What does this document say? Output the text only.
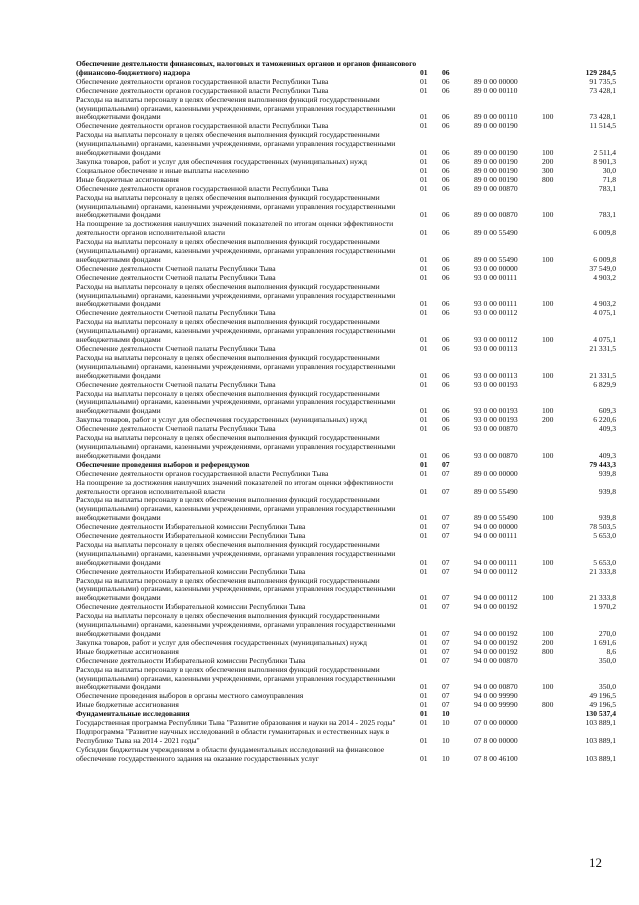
Обеспечение деятельности финансовых, налоговых и таможенных органов и органов финансового (финансово-бюджетного) надзора	01	06			129 284,5
Обеспечение деятельности органов государственной власти Республики Тыва	01	06	89 0 00 00000		91 735,5
Обеспечение деятельности органов государственной власти Республики Тыва	01	06	89 0 00 00110		73 428,1
Расходы на выплаты персоналу в целях обеспечения выполнения функций государственными (муниципальными) органами, казенными учреждениями, органами управления государственными внебюджетными фондами	01	06	89 0 00 00110	100	73 428,1
Обеспечение деятельности органов государственной власти Республики Тыва	01	06	89 0 00 00190		11 514,5
Расходы на выплаты персоналу в целях обеспечения выполнения функций государственными (муниципальными) органами, казенными учреждениями, органами управления государственными внебюджетными фондами	01	06	89 0 00 00190	100	2 511,4
Закупка товаров, работ и услуг для обеспечения государственных (муниципальных) нужд	01	06	89 0 00 00190	200	8 901,3
Социальное обеспечение и иные выплаты населению	01	06	89 0 00 00190	300	30,0
Иные бюджетные ассигнования	01	06	89 0 00 00190	800	71,8
Обеспечение деятельности органов государственной власти Республики Тыва	01	06	89 0 00 00870		783,1
Расходы на выплаты персоналу в целях обеспечения выполнения функций государственными (муниципальными) органами, казенными учреждениями, органами управления государственными внебюджетными фондами	01	06	89 0 00 00870	100	783,1
На поощрение за достижения наилучших значений показателей по итогам оценки эффективности деятельности органов исполнительной власти	01	06	89 0 00 55490		6 009,8
Расходы на выплаты персоналу в целях обеспечения выполнения функций государственными (муниципальными) органами, казенными учреждениями, органами управления государственными внебюджетными фондами	01	06	89 0 00 55490	100	6 009,8
Обеспечение деятельности Счетной палаты Республики Тыва	01	06	93 0 00 00000		37 549,0
Обеспечение деятельности Счетной палаты Республики Тыва	01	06	93 0 00 00111		4 903,2
Расходы на выплаты персоналу в целях обеспечения выполнения функций государственными (муниципальными) органами, казенными учреждениями, органами управления государственными внебюджетными фондами	01	06	93 0 00 00111	100	4 903,2
Обеспечение деятельности Счетной палаты Республики Тыва	01	06	93 0 00 00112		4 075,1
Расходы на выплаты персоналу в целях обеспечения выполнения функций государственными (муниципальными) органами, казенными учреждениями, органами управления государственными внебюджетными фондами	01	06	93 0 00 00112	100	4 075,1
Обеспечение деятельности Счетной палаты Республики Тыва	01	06	93 0 00 00113		21 331,5
Расходы на выплаты персоналу в целях обеспечения выполнения функций государственными (муниципальными) органами, казенными учреждениями, органами управления государственными внебюджетными фондами	01	06	93 0 00 00113	100	21 331,5
Обеспечение деятельности Счетной палаты Республики Тыва	01	06	93 0 00 00193		6 829,9
Расходы на выплаты персоналу в целях обеспечения выполнения функций государственными (муниципальными) органами, казенными учреждениями, органами управления государственными внебюджетными фондами	01	06	93 0 00 00193	100	609,3
Закупка товаров, работ и услуг для обеспечения государственных (муниципальных) нужд	01	06	93 0 00 00193	200	6 220,6
Обеспечение деятельности Счетной палаты Республики Тыва	01	06	93 0 00 00870		409,3
Расходы на выплаты персоналу в целях обеспечения выполнения функций государственными (муниципальными) органами, казенными учреждениями, органами управления государственными внебюджетными фондами	01	06	93 0 00 00870	100	409,3
Обеспечение проведения выборов и референдумов	01	07			79 443,3
Обеспечение деятельности органов государственной власти Республики Тыва	01	07	89 0 00 00000		939,8
На поощрение за достижения наилучших значений показателей по итогам оценки эффективности деятельности органов исполнительной власти	01	07	89 0 00 55490		939,8
Расходы на выплаты персоналу в целях обеспечения выполнения функций государственными (муниципальными) органами, казенными учреждениями, органами управления государственными внебюджетными фондами	01	07	89 0 00 55490	100	939,8
Обеспечение деятельности Избирательной комиссии Республики Тыва	01	07	94 0 00 00000		78 503,5
Обеспечение деятельности Избирательной комиссии Республики Тыва	01	07	94 0 00 00111		5 653,0
Расходы на выплаты персоналу в целях обеспечения выполнения функций государственными (муниципальными) органами, казенными учреждениями, органами управления государственными внебюджетными фондами	01	07	94 0 00 00111	100	5 653,0
Обеспечение деятельности Избирательной комиссии Республики Тыва	01	07	94 0 00 00112		21 333,8
Расходы на выплаты персоналу в целях обеспечения выполнения функций государственными (муниципальными) органами, казенными учреждениями, органами управления государственными внебюджетными фондами	01	07	94 0 00 00112	100	21 333,8
Обеспечение деятельности Избирательной комиссии Республики Тыва	01	07	94 0 00 00192		1 970,2
Расходы на выплаты персоналу в целях обеспечения выполнения функций государственными (муниципальными) органами, казенными учреждениями, органами управления государственными внебюджетными фондами	01	07	94 0 00 00192	100	270,0
Закупка товаров, работ и услуг для обеспечения государственных (муниципальных) нужд	01	07	94 0 00 00192	200	1 691,6
Иные бюджетные ассигнования	01	07	94 0 00 00192	800	8,6
Обеспечение деятельности Избирательной комиссии Республики Тыва	01	07	94 0 00 00870		350,0
Расходы на выплаты персоналу в целях обеспечения выполнения функций государственными (муниципальными) органами, казенными учреждениями, органами управления государственными внебюджетными фондами	01	07	94 0 00 00870	100	350,0
Обеспечение проведения выборов в органы местного самоуправления	01	07	94 0 00 99990		49 196,5
Иные бюджетные ассигнования	01	07	94 0 00 99990	800	49 196,5
Фундаментальные исследования	01	10			130 537,4
Государственная программа Республики Тыва "Развитие образования и науки на 2014 - 2025 годы"	01	10	07 0 00 00000		103 889,1
Подпрограмма "Развитие научных исследований в области гуманитарных и естественных наук в Республике Тыва на 2014 - 2021 годы"	01	10	07 8 00 00000		103 889,1
Субсидии бюджетным учреждениям в области фундаментальных исследований на финансовое обеспечение государственного задания на оказание государственных услуг	01	10	07 8 00 46100		103 889,1
12
